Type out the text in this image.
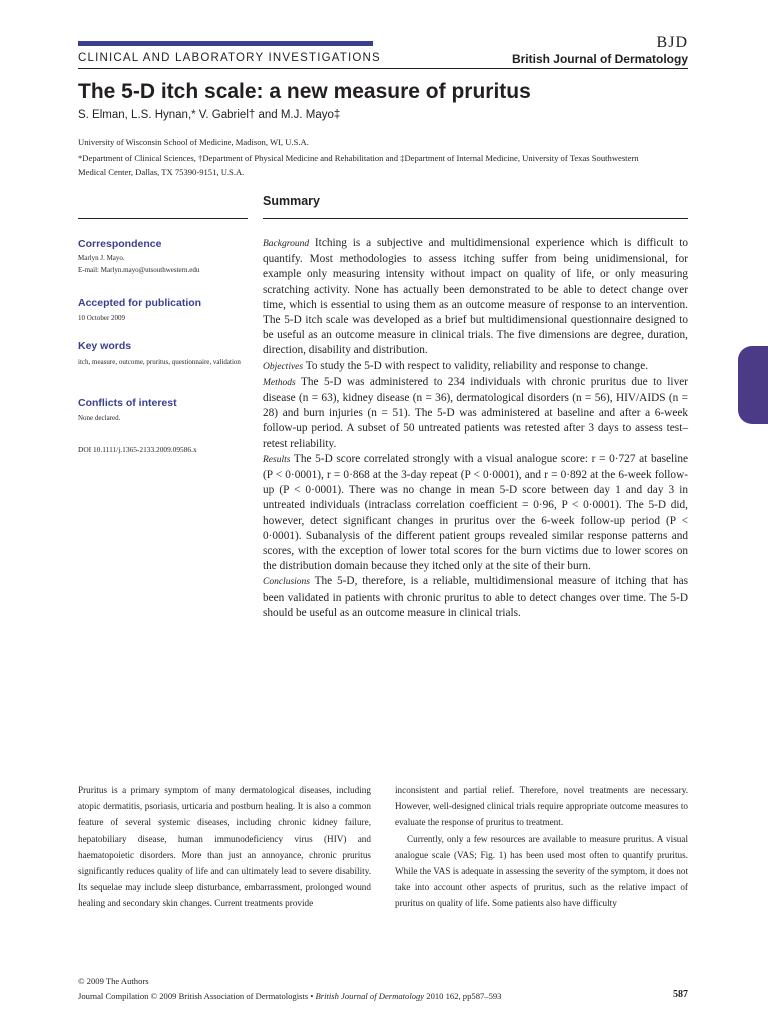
CLINICAL AND LABORATORY INVESTIGATIONS
BJD
British Journal of Dermatology
The 5-D itch scale: a new measure of pruritus
S. Elman, L.S. Hynan,* V. Gabriel† and M.J. Mayo‡
University of Wisconsin School of Medicine, Madison, WI, U.S.A.
*Department of Clinical Sciences, †Department of Physical Medicine and Rehabilitation and ‡Department of Internal Medicine, University of Texas Southwestern
Medical Center, Dallas, TX 75390-9151, U.S.A.
Summary
Correspondence
Marlyn J. Mayo.
E-mail: Marlyn.mayo@utsouthwestern.edu
Accepted for publication
10 October 2009
Key words
itch, measure, outcome, pruritus, questionnaire, validation
Conflicts of interest
None declared.
DOI 10.1111/j.1365-2133.2009.09586.x

Background Itching is a subjective and multidimensional experience which is difficult to quantify. Most methodologies to assess itching suffer from being unidimensional, for example only measuring intensity without impact on quality of life, or only measuring scratching activity. None has actually been demonstrated to be able to detect change over time, which is essential to using them as an outcome measure of response to an intervention. The 5-D itch scale was developed as a brief but multidimensional questionnaire designed to be useful as an outcome measure in clinical trials. The five dimensions are degree, duration, direction, disability and distribution.

Objectives To study the 5-D with respect to validity, reliability and response to change.

Methods The 5-D was administered to 234 individuals with chronic pruritus due to liver disease (n = 63), kidney disease (n = 36), dermatological disorders (n = 56), HIV/AIDS (n = 28) and burn injuries (n = 51). The 5-D was administered at baseline and after a 6-week follow-up period. A subset of 50 untreated patients was retested after 3 days to assess test–retest reliability.

Results The 5-D score correlated strongly with a visual analogue score: r = 0·727 at baseline (P < 0·0001), r = 0·868 at the 3-day repeat (P < 0·0001), and r = 0·892 at the 6-week follow-up (P < 0·0001). There was no change in mean 5-D score between day 1 and day 3 in untreated individuals (intraclass correlation coefficient = 0·96, P < 0·0001). The 5-D did, however, detect significant changes in pruritus over the 6-week follow-up period (P < 0·0001). Subanalysis of the different patient groups revealed similar response patterns and scores, with the exception of lower total scores for the burn victims due to lower scores on the distribution domain because they itched only at the site of their burn.

Conclusions The 5-D, therefore, is a reliable, multidimensional measure of itching that has been validated in patients with chronic pruritus to able to detect changes over time. The 5-D should be useful as an outcome measure in clinical trials.

Pruritus is a primary symptom of many dermatological diseases, including atopic dermatitis, psoriasis, urticaria and postburn healing. It is also a common feature of several systemic diseases, including chronic kidney failure, hepatobiliary disease, human immunodeficiency virus (HIV) and haematopoietic disorders. More than just an annoyance, chronic pruritus significantly reduces quality of life and can ultimately lead to severe disability. Its sequelae may include sleep disturbance, embarrassment, prolonged wound healing and secondary skin changes. Current treatments provide

inconsistent and partial relief. Therefore, novel treatments are necessary. However, well-designed clinical trials require appropriate outcome measures to evaluate the response of pruritus to treatment.

Currently, only a few resources are available to measure pruritus. A visual analogue scale (VAS; Fig. 1) has been used most often to quantify pruritus. While the VAS is adequate in assessing the severity of the symptom, it does not take into account other aspects of pruritus, such as the relative impact of pruritus on quality of life. Some patients also have difficulty

© 2009 The Authors
Journal Compilation © 2009 British Association of Dermatologists • British Journal of Dermatology 2010 162, pp587–593	587
